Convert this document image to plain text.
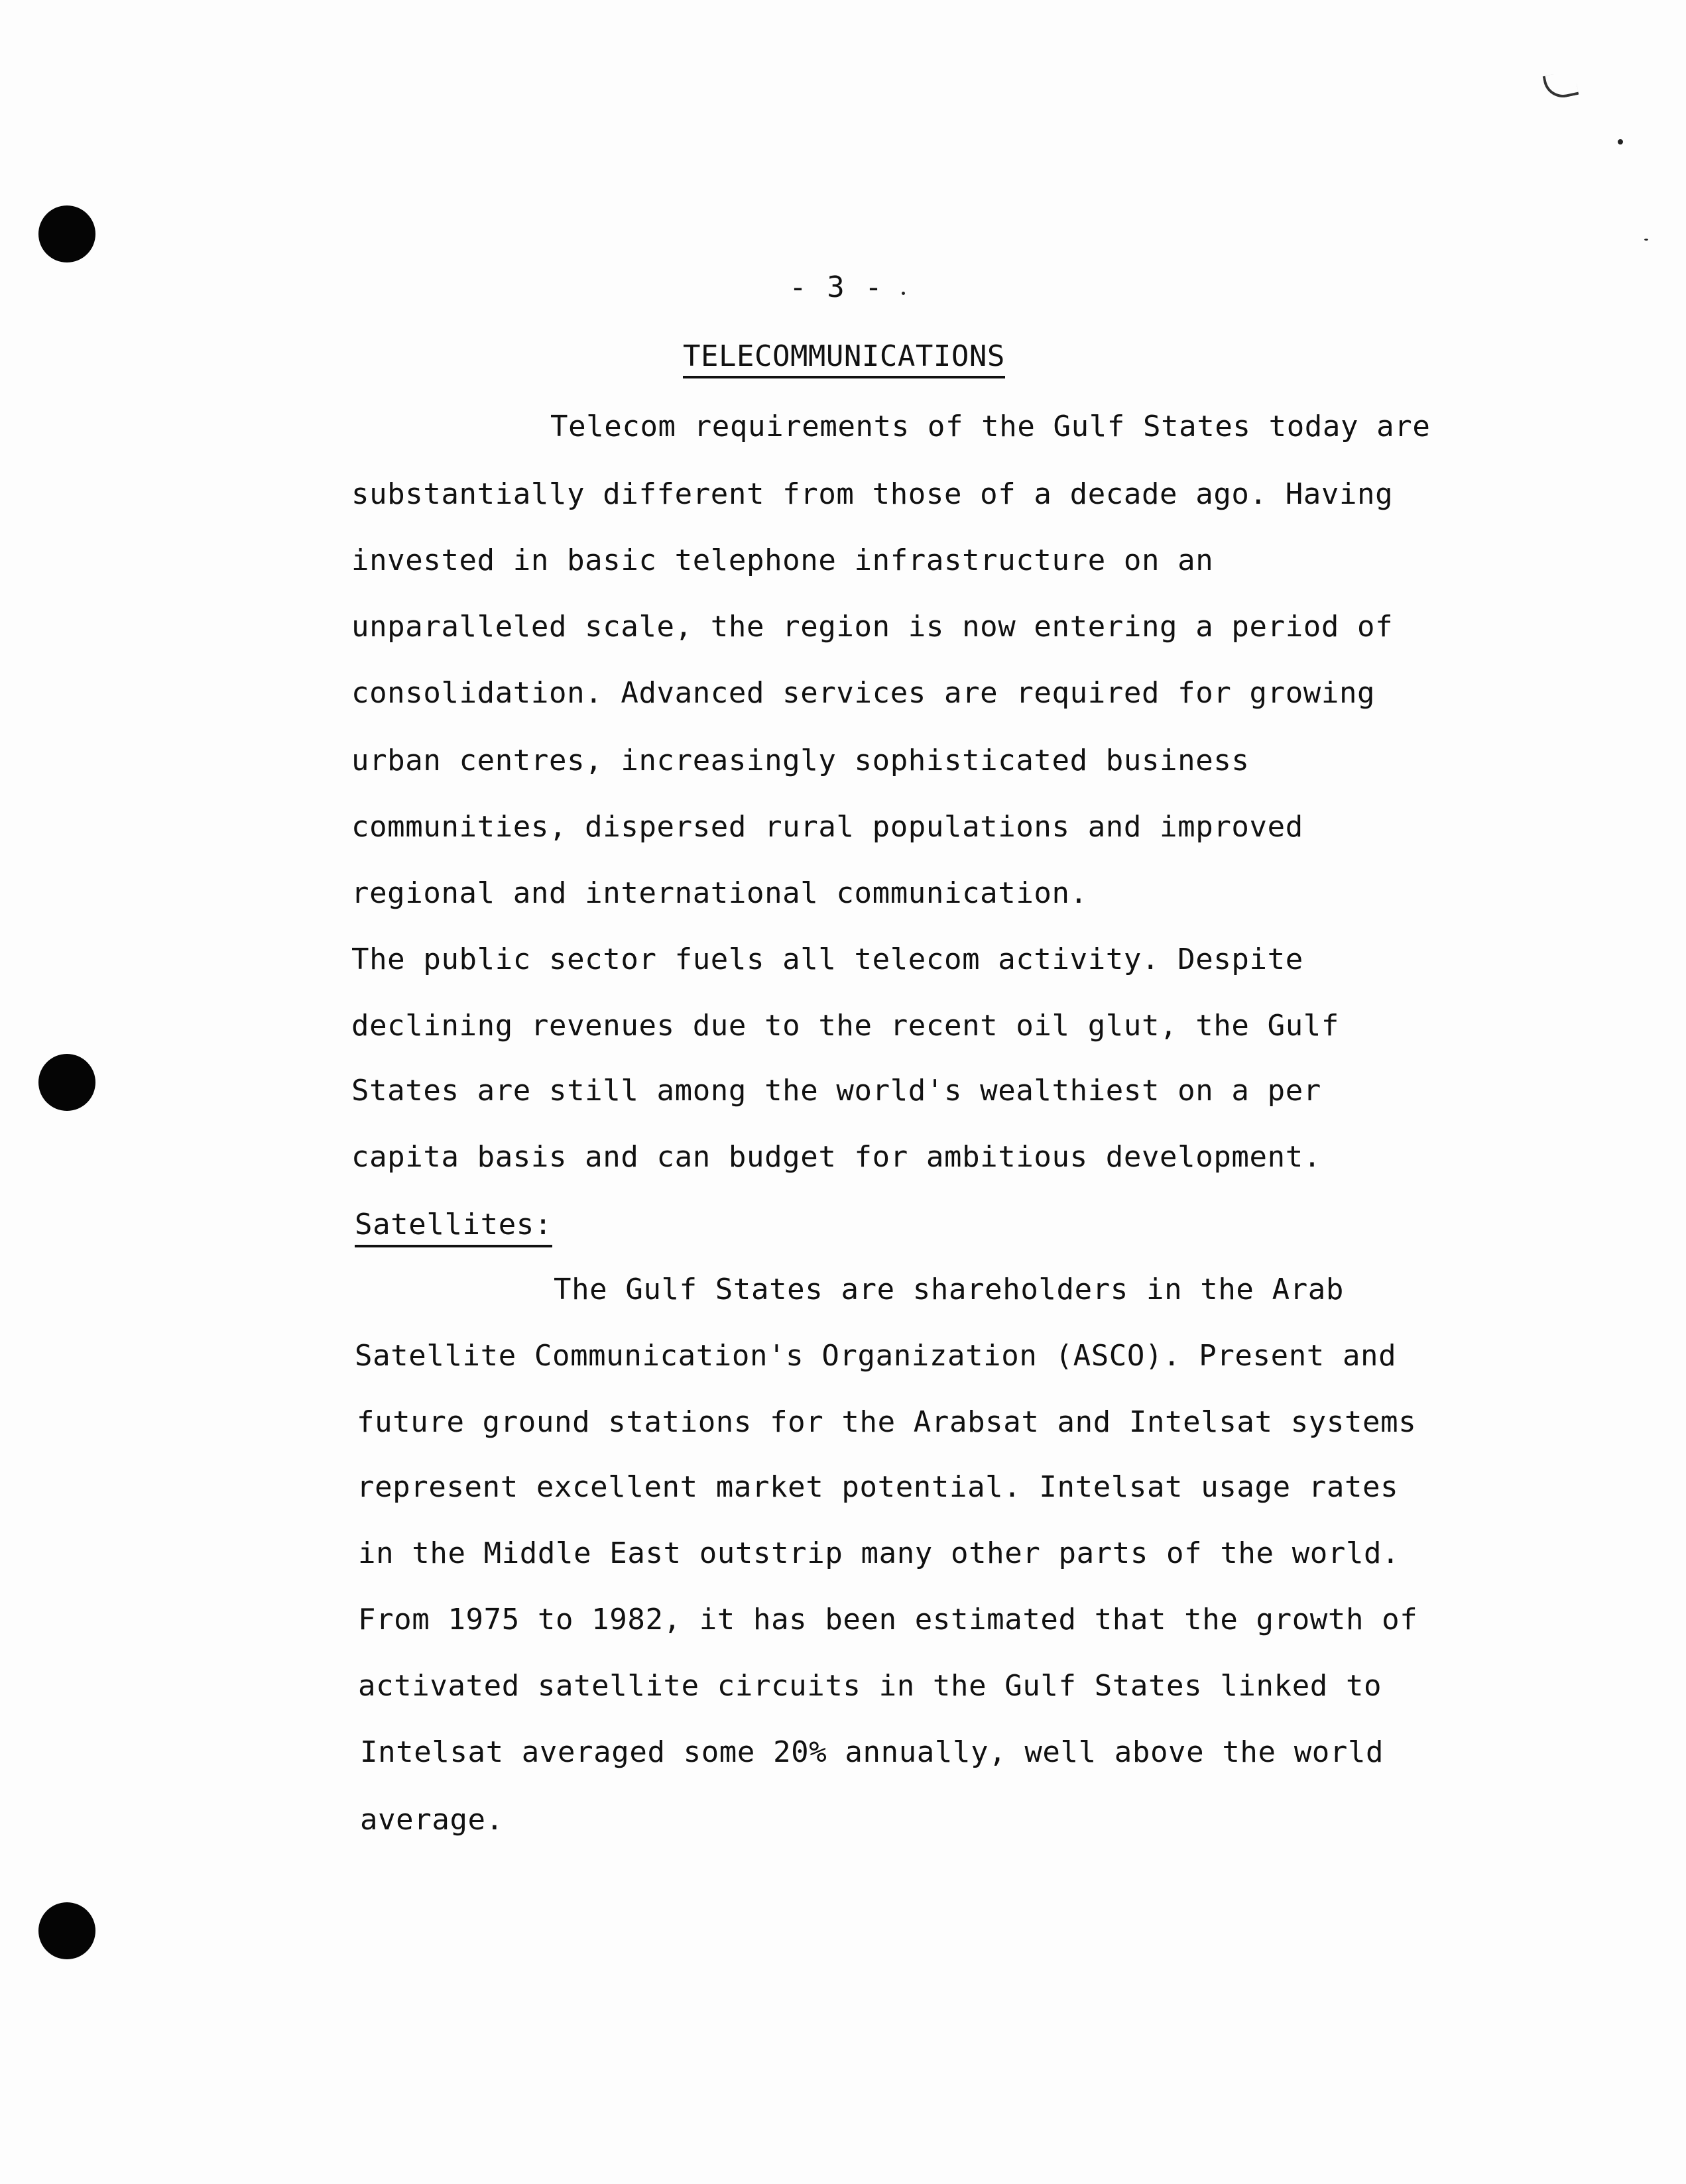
- 3 -
TELECOMMUNICATIONS
Telecom requirements of the Gulf States today are
substantially different from those of a decade ago. Having
invested in basic telephone infrastructure on an
unparalleled scale, the region is now entering a period of
consolidation. Advanced services are required for growing
urban centres, increasingly sophisticated business
communities, dispersed rural populations and improved
regional and international communication.
The public sector fuels all telecom activity. Despite
declining revenues due to the recent oil glut, the Gulf
States are still among the world's wealthiest on a per
capita basis and can budget for ambitious development.
Satellites:
The Gulf States are shareholders in the Arab
Satellite Communication's Organization (ASCO). Present and
future ground stations for the Arabsat and Intelsat systems
represent excellent market potential. Intelsat usage rates
in the Middle East outstrip many other parts of the world.
From 1975 to 1982, it has been estimated that the growth of
activated satellite circuits in the Gulf States linked to
Intelsat averaged some 20% annually, well above the world
average.
